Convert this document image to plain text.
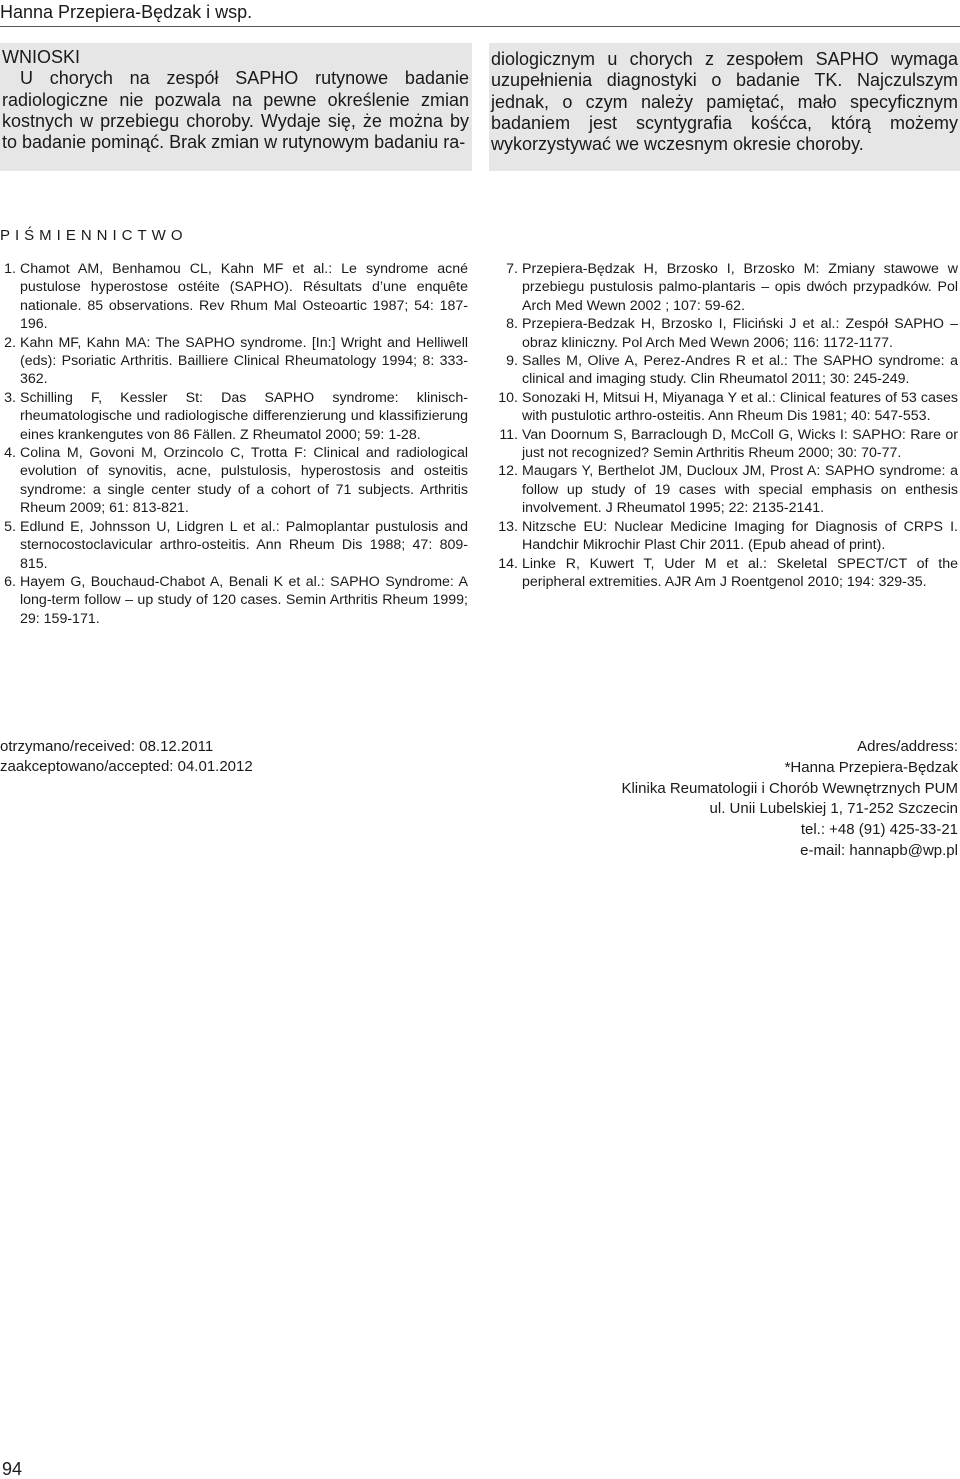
Hanna Przepiera-Będzak i wsp.

WNIOSKI
U chorych na zespół SAPHO rutynowe badanie radiologiczne nie pozwala na pewne określenie zmian kostnych w przebiegu choroby. Wydaje się, że można by to badanie pominąć. Brak zmian w rutynowym badaniu ra-

diologicznym u chorych z zespołem SAPHO wymaga uzupełnienia diagnostyki o badanie TK. Najczulszym jednak, o czym należy pamiętać, mało specyficznym badaniem jest scyntygrafia kośćca, którą możemy wykorzystywać we wczesnym okresie choroby.

PIŚMIENNICTWO
1. Chamot AM, Benhamou CL, Kahn MF et al.: Le syndrome acné pustulose hyperostose ostéite (SAPHO). Résultats d’une enquête nationale. 85 observations. Rev Rhum Mal Osteoartic 1987; 54: 187-196.
2. Kahn MF, Kahn MA: The SAPHO syndrome. [In:] Wright and Helliwell (eds): Psoriatic Arthritis. Bailliere Clinical Rheumatology 1994; 8: 333-362.
3. Schilling F, Kessler St: Das SAPHO syndrome: klinisch-rheumatologische und radiologische differenzierung und klassifizierung eines krankengutes von 86 Fällen. Z Rheumatol 2000; 59: 1-28.
4. Colina M, Govoni M, Orzincolo C, Trotta F: Clinical and radiological evolution of synovitis, acne, pulstulosis, hyperostosis and osteitis syndrome: a single center study of a cohort of 71 subjects. Arthritis Rheum 2009; 61: 813-821.
5. Edlund E, Johnsson U, Lidgren L et al.: Palmoplantar pustulosis and sternocostoclavicular arthro-osteitis. Ann Rheum Dis 1988; 47: 809-815.
6. Hayem G, Bouchaud-Chabot A, Benali K et al.: SAPHO Syndrome: A long-term follow – up study of 120 cases. Semin Arthritis Rheum 1999; 29: 159-171.
7. Przepiera-Będzak H, Brzosko I, Brzosko M: Zmiany stawowe w przebiegu pustulosis palmo-plantaris – opis dwóch przypadków. Pol Arch Med Wewn 2002 ; 107: 59-62.
8. Przepiera-Bedzak H, Brzosko I, Fliciński J et al.: Zespół SAPHO – obraz kliniczny. Pol Arch Med Wewn 2006; 116: 1172-1177.
9. Salles M, Olive A, Perez-Andres R et al.: The SAPHO syndrome: a clinical and imaging study. Clin Rheumatol 2011; 30: 245-249.
10. Sonozaki H, Mitsui H, Miyanaga Y et al.: Clinical features of 53 cases with pustulotic arthro-osteitis. Ann Rheum Dis 1981; 40: 547-553.
11. Van Doornum S, Barraclough D, McColl G, Wicks I: SAPHO: Rare or just not recognized? Semin Arthritis Rheum 2000; 30: 70-77.
12. Maugars Y, Berthelot JM, Ducloux JM, Prost A: SAPHO syndrome: a follow up study of 19 cases with special emphasis on enthesis involvement. J Rheumatol 1995; 22: 2135-2141.
13. Nitzsche EU: Nuclear Medicine Imaging for Diagnosis of CRPS I. Handchir Mikrochir Plast Chir 2011. (Epub ahead of print).
14. Linke R, Kuwert T, Uder M et al.: Skeletal SPECT/CT of the peripheral extremities. AJR Am J Roentgenol 2010; 194: 329-35.
otrzymano/received: 08.12.2011
zaakceptowano/accepted: 04.01.2012
Adres/address:
*Hanna Przepiera-Będzak
Klinika Reumatologii i Chorób Wewnętrznych PUM
ul. Unii Lubelskiej 1, 71-252 Szczecin
tel.: +48 (91) 425-33-21
e-mail: hannapb@wp.pl
94
